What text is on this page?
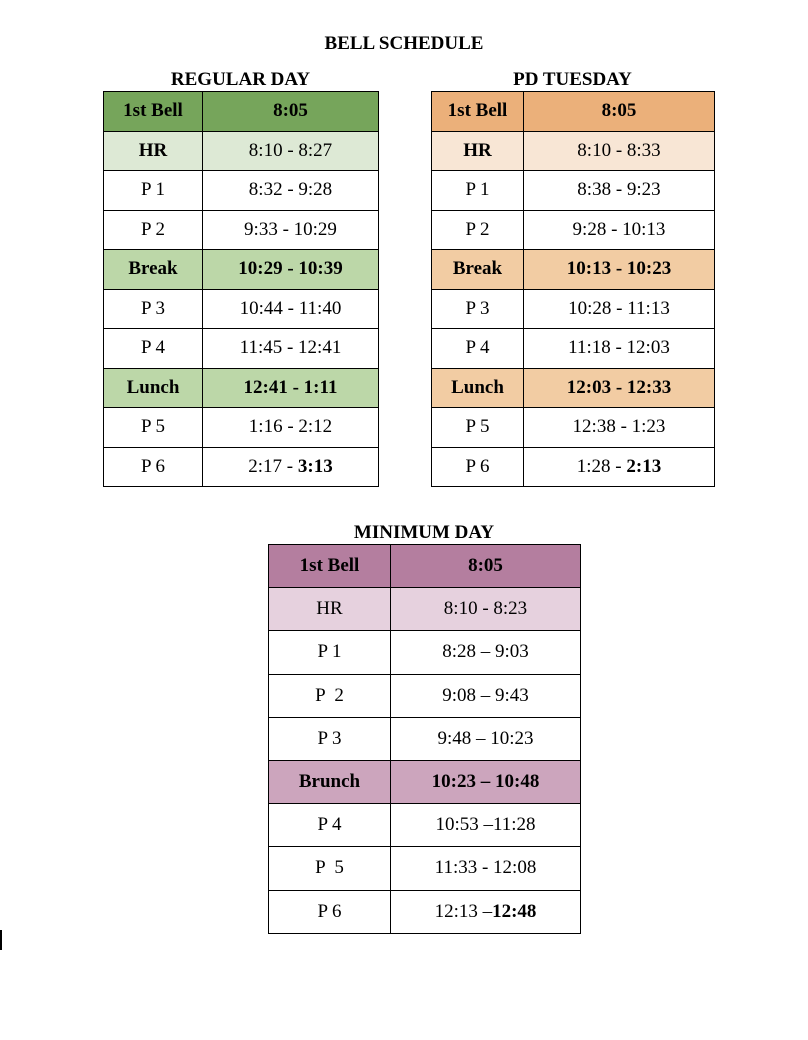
BELL SCHEDULE
REGULAR DAY
1st Bell	8:05
HR	8:10 - 8:27
P 1	8:32 - 9:28
P 2	9:33 - 10:29
Break	10:29 - 10:39
P 3	10:44 - 11:40
P 4	11:45 - 12:41
Lunch	12:41 - 1:11
P 5	1:16 - 2:12
P 6	2:17 - 3:13
PD TUESDAY
1st Bell	8:05
HR	8:10 - 8:33
P 1	8:38 - 9:23
P 2	9:28 - 10:13
Break	10:13 - 10:23
P 3	10:28 - 11:13
P 4	11:18 - 12:03
Lunch	12:03 - 12:33
P 5	12:38 - 1:23
P 6	1:28 - 2:13
MINIMUM DAY
1st Bell	8:05
HR	8:10 - 8:23
P 1	8:28 – 9:03
P  2	9:08 – 9:43
P 3	9:48 – 10:23
Brunch	10:23 – 10:48
P 4	10:53 –11:28
P  5	11:33 - 12:08
P 6	12:13 –12:48
